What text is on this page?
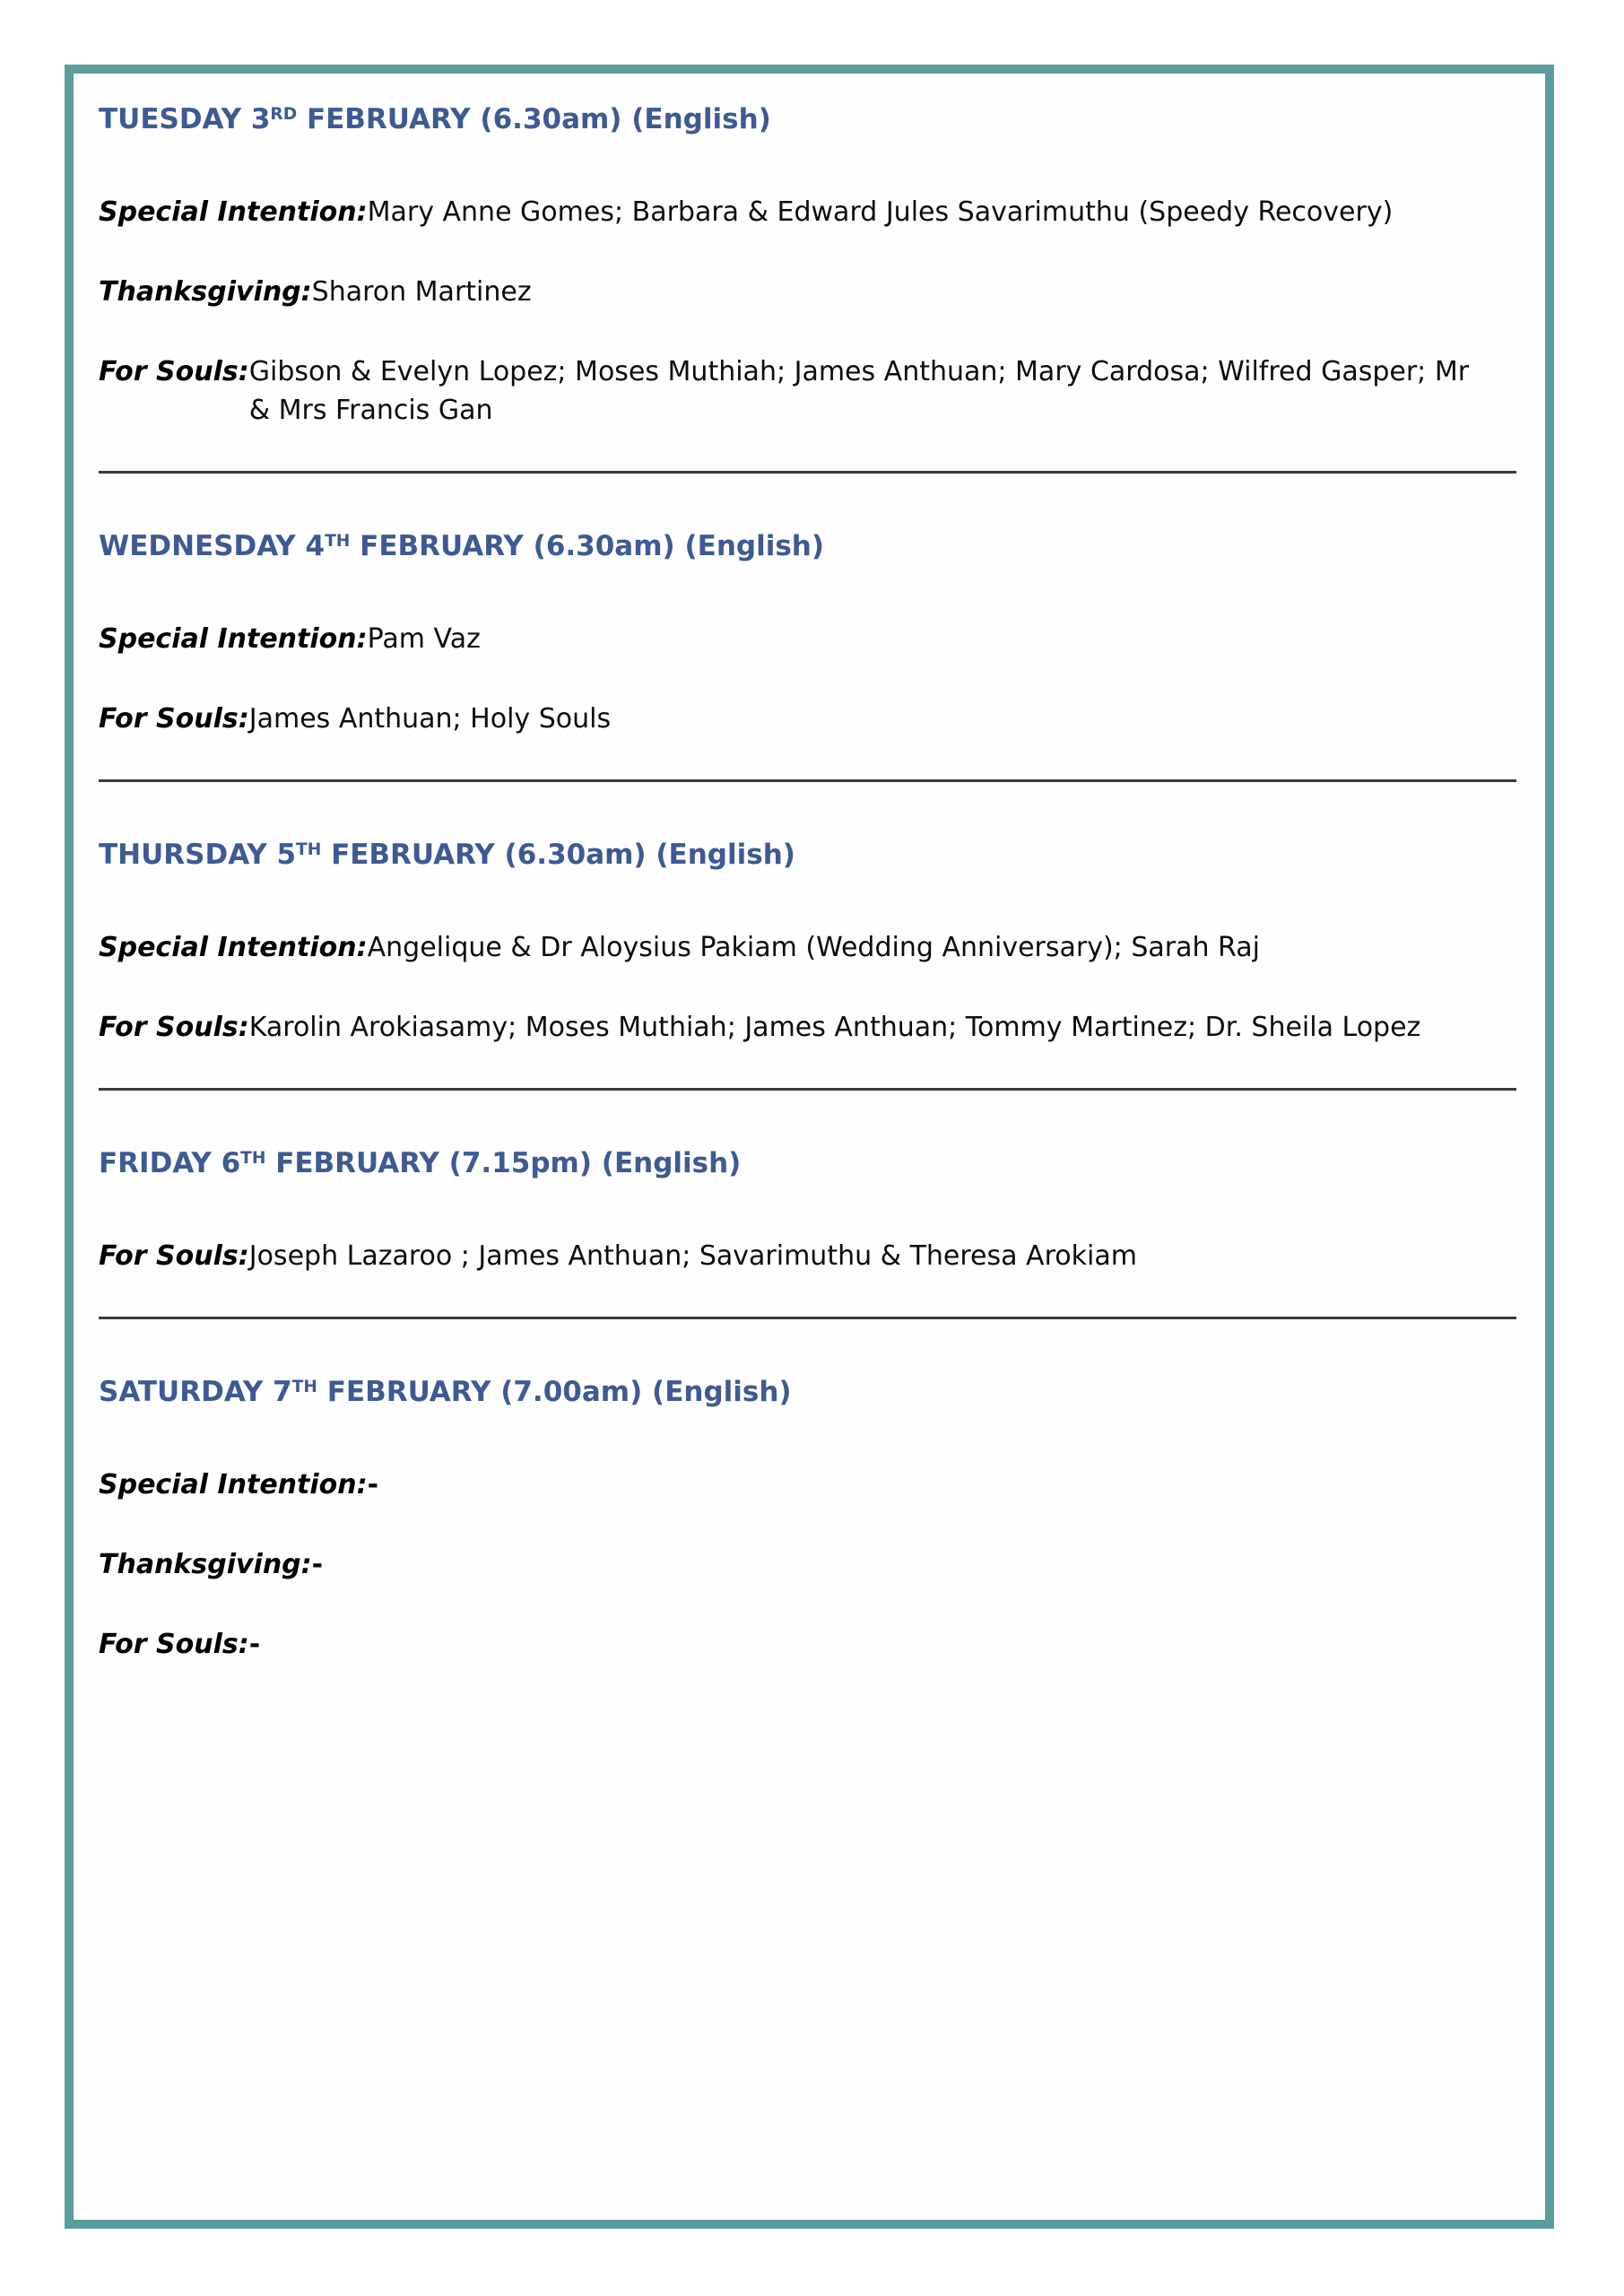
TUESDAY 3RD FEBRUARY (6.30am) (English)
Special Intention: Mary Anne Gomes; Barbara & Edward Jules Savarimuthu (Speedy Recovery)
Thanksgiving: Sharon Martinez
For Souls: Gibson & Evelyn Lopez; Moses Muthiah; James Anthuan; Mary Cardosa; Wilfred Gasper; Mr & Mrs Francis Gan
WEDNESDAY 4TH FEBRUARY (6.30am) (English)
Special Intention: Pam Vaz
For Souls: James Anthuan; Holy Souls
THURSDAY 5TH FEBRUARY (6.30am) (English)
Special Intention: Angelique & Dr Aloysius Pakiam (Wedding Anniversary); Sarah Raj
For Souls: Karolin Arokiasamy; Moses Muthiah; James Anthuan; Tommy Martinez; Dr. Sheila Lopez
FRIDAY 6TH FEBRUARY (7.15pm) (English)
For Souls: Joseph Lazaroo ; James Anthuan; Savarimuthu & Theresa Arokiam
SATURDAY 7TH FEBRUARY (7.00am) (English)
Special Intention: -
Thanksgiving: -
For Souls: -
